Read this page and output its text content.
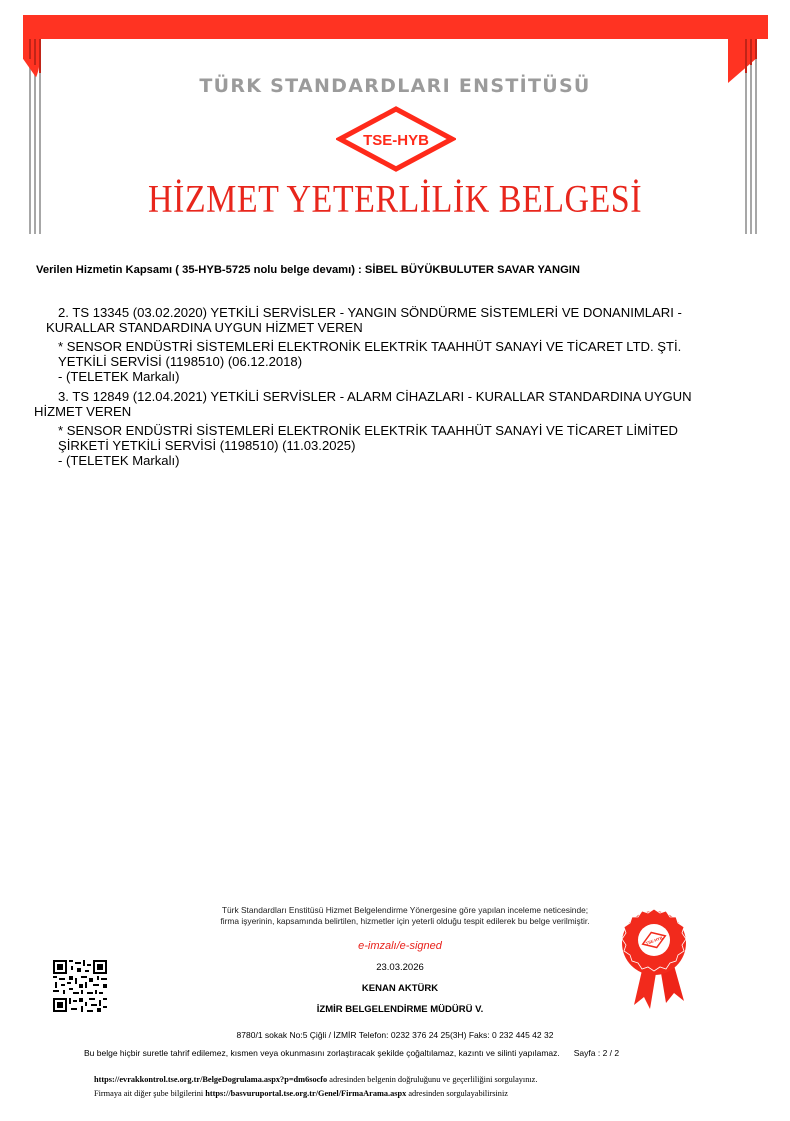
TÜRK STANDARDLARI ENSTİTÜSÜ
TSE-HYB
HİZMET YETERLİLİK BELGESİ
Verilen Hizmetin Kapsamı ( 35-HYB-5725 nolu belge devamı) : SİBEL BÜYÜKBULUTER SAVAR YANGIN
2. TS 13345 (03.02.2020) YETKİLİ SERVİSLER - YANGIN SÖNDÜRME SİSTEMLERİ VE DONANIMLARI -
KURALLAR STANDARDINA UYGUN HİZMET VEREN
* SENSOR ENDÜSTRİ SİSTEMLERİ ELEKTRONİK ELEKTRİK TAAHHÜT SANAYİ VE TİCARET LTD. ŞTİ.
YETKİLİ SERVİSİ (1198510) (06.12.2018)
- (TELETEK Markalı)
3. TS 12849 (12.04.2021) YETKİLİ SERVİSLER - ALARM CİHAZLARI - KURALLAR STANDARDINA UYGUN
HİZMET VEREN
* SENSOR ENDÜSTRİ SİSTEMLERİ ELEKTRONİK ELEKTRİK TAAHHÜT SANAYİ VE TİCARET LİMİTED
ŞİRKETİ YETKİLİ SERVİSİ (1198510) (11.03.2025)
- (TELETEK Markalı)
Türk Standardları Enstitüsü Hizmet Belgelendirme Yönergesine göre yapılan inceleme neticesinde;
firma işyerinin, kapsamında belirtilen, hizmetler için yeterli olduğu tespit edilerek bu belge verilmiştir.
e-imzalı/e-signed
23.03.2026
KENAN AKTÜRK
İZMİR BELGELENDİRME MÜDÜRÜ V.
TSE-HYB
8780/1 sokak No:5 Çiğli / İZMİR Telefon: 0232 376 24 25(3H) Faks: 0 232 445 42 32
Bu belge hiçbir suretle tahrif edilemez, kısmen veya okunmasını zorlaştıracak şekilde çoğaltılamaz, kazıntı ve silinti yapılamaz. Sayfa : 2 / 2
https://evrakkontrol.tse.org.tr/BelgeDogrulama.aspx?p=dm6socfo adresinden belgenin doğruluğunu ve geçerliliğini sorgulayınız.
Firmaya ait diğer şube bilgilerini https://basvuruportal.tse.org.tr/Genel/FirmaArama.aspx adresinden sorgulayabilirsiniz
